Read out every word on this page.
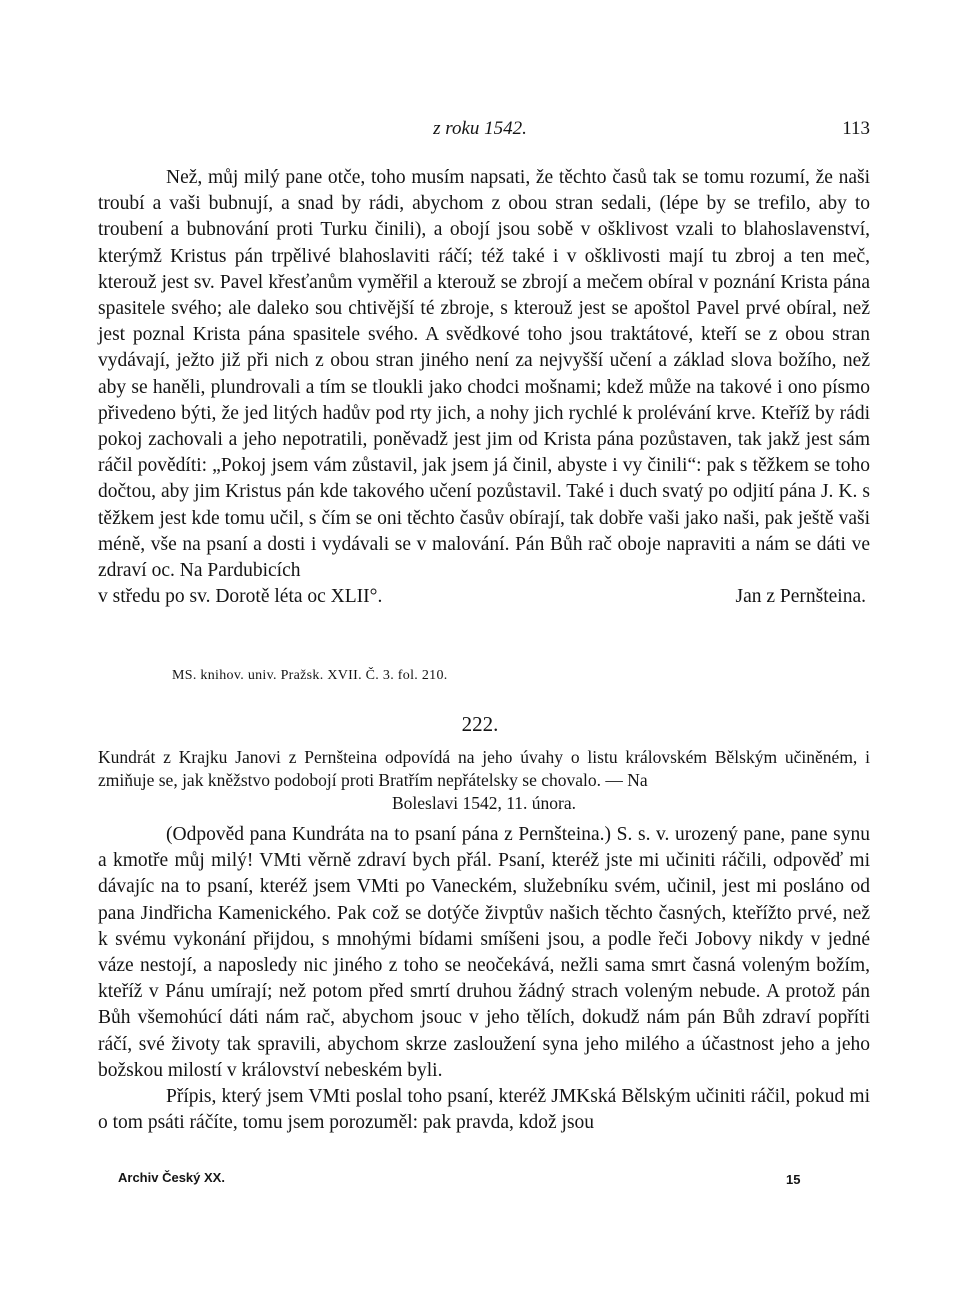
z roku 1542.	113

Než, můj milý pane otče, toho musím napsati, že těchto časů tak se tomu rozumí, že naši troubí a vaši bubnují, a snad by rádi, abychom z obou stran sedali, (lépe by se trefilo, aby to troubení a bubnování proti Turku činili), a obojí jsou sobě v ošklivost vzali to blahoslavenství, kterýmž Kristus pán trpělivé blahoslaviti ráčí; též také i v ošklivosti mají tu zbroj a ten meč, kterouž jest sv. Pavel křesťanům vyměřil a kterouž se zbrojí a mečem obíral v poznání Krista pána spasitele svého; ale daleko sou chtivější té zbroje, s kterouž jest se apoštol Pavel prvé obíral, než jest poznal Krista pána spasitele svého. A svědkové toho jsou traktátové, kteří se z obou stran vydávají, ježto již při nich z obou stran jiného není za nejvyšší učení a základ slova božího, než aby se haněli, plundrovali a tím se tloukli jako chodci mošnami; kdež může na takové i ono písmo přivedeno býti, že jed litých hadův pod rty jich, a nohy jich rychlé k prolévání krve. Kteříž by rádi pokoj zachovali a jeho nepotratili, poněvadž jest jim od Krista pána pozůstaven, tak jakž jest sám ráčil povědíti: „Pokoj jsem vám zůstavil, jak jsem já činil, abyste i vy činili“: pak s těžkem se toho dočtou, aby jim Kristus pán kde takového učení pozůstavil. Také i duch svatý po odjití pána J. K. s těžkem jest kde tomu učil, s čím se oni těchto časův obírají, tak dobře vaši jako naši, pak ještě vaši méně, vše na psaní a dosti i vydávali se v malování. Pán Bůh rač oboje napraviti a nám se dáti ve zdraví oc. Na Pardubicích

v středu po sv. Dorotě léta oc XLII°.	Jan z Pernšteina.
MS. knihov. univ. Pražsk. XVII. Č. 3. fol. 210.
222.
Kundrát z Krajku Janovi z Pernšteina odpovídá na jeho úvahy o listu královském Bělským učiněném, i zmiňuje se, jak kněžstvo podobojí proti Bratřím nepřátelsky se chovalo. — Na
Boleslavi 1542, 11. února.

(Odpověd pana Kundráta na to psaní pána z Pernšteina.) S. s. v. urozený pane, pane synu a kmotře můj milý! VMti věrně zdraví bych přál. Psaní, kteréž jste mi učiniti ráčili, odpověď mi dávajíc na to psaní, kteréž jsem VMti po Vaneckém, služebníku svém, učinil, jest mi posláno od pana Jindřicha Kamenického. Pak což se dotýče živptův našich těchto časných, kteřížto prvé, než k svému vykonání přijdou, s mnohými bídami smíšeni jsou, a podle řeči Jobovy nikdy v jedné váze nestojí, a naposledy nic jiného z toho se neočekává, nežli sama smrt časná voleným božím, kteříž v Pánu umírají; než potom před smrtí druhou žádný strach voleným nebude. A protož pán Bůh všemohúcí dáti nám rač, abychom jsouc v jeho tělích, dokudž nám pán Bůh zdraví popříti ráčí, své životy tak spravili, abychom skrze zasloužení syna jeho milého a účastnost jeho a jeho božskou milostí v království nebeském byli.

Přípis, který jsem VMti poslal toho psaní, kteréž JMKská Bělským učiniti ráčil, pokud mi o tom psáti ráčíte, tomu jsem porozuměl: pak pravda, kdož jsou

Archiv Český XX.	15
